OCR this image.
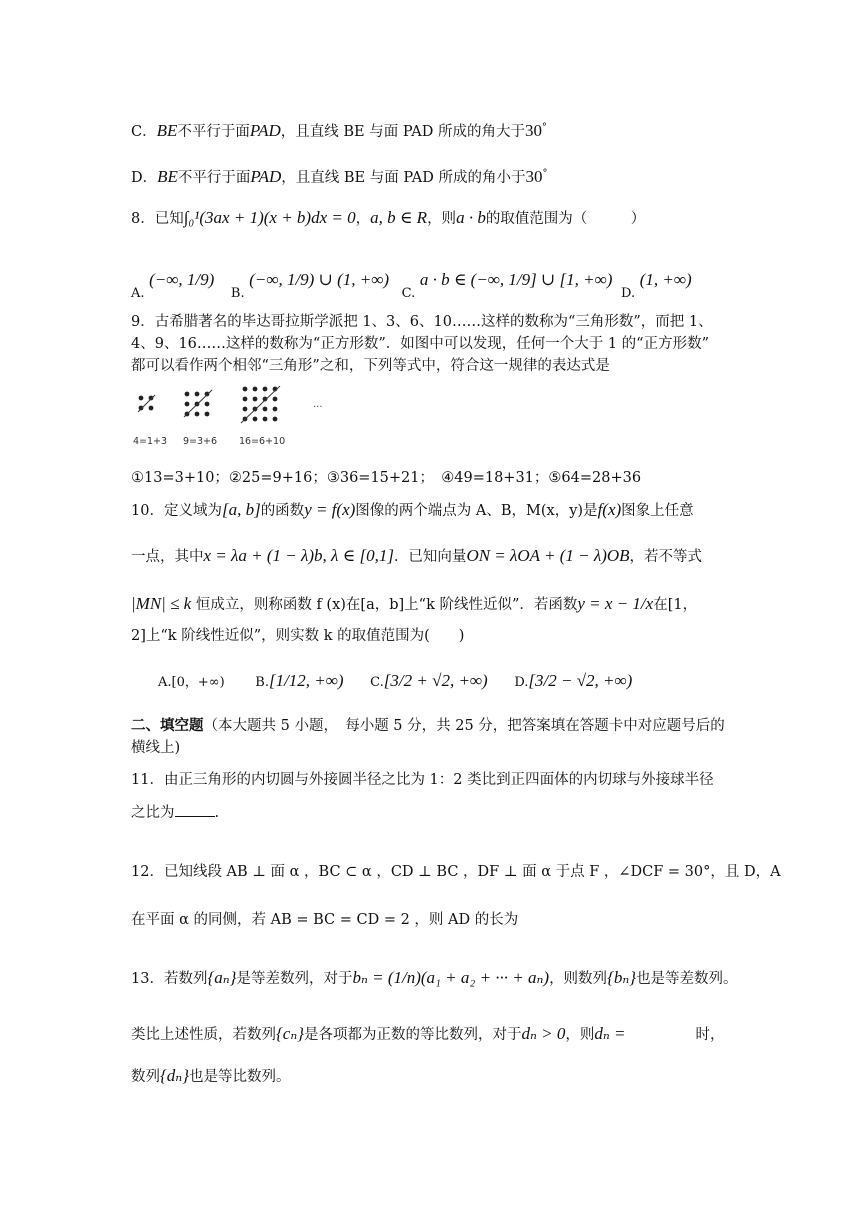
C．BE不平行于面PAD，且直线 BE 与面 PAD 所成的角大于30°
D．BE不平行于面PAD，且直线 BE 与面 PAD 所成的角小于30°
8．已知∫₀¹(3ax + 1)(x + b)dx = 0，a, b ∈ R，则a · b的取值范围为（　　　）
A. (−∞, 1/9) B. (−∞, 1/9) ∪ (1, +∞) C. a · b ∈ (−∞, 1/9] ∪ [1, +∞) D. (1, +∞)
9．古希腊著名的毕达哥拉斯学派把 1、3、6、10……这样的数称为“三角形数”，而把 1、
4、9、16……这样的数称为“正方形数”．如图中可以发现，任何一个大于 1 的“正方形数”
都可以看作两个相邻“三角形”之和，下列等式中，符合这一规律的表达式是
···
4=1+3 9=3+6 16=6+10
①13=3+10；②25=9+16；③36=15+21；　④49=18+31；⑤64=28+36
10．定义域为[a, b]的函数y = f(x)图像的两个端点为 A、B，M(x，y)是f(x)图象上任意
一点，其中x = λa + (1 − λ)b, λ ∈ [0,1]．已知向量ON = λOA + (1 − λ)OB，若不等式
|MN| ≤ k 恒成立，则称函数 f (x)在[a，b]上“k 阶线性近似”．若函数y = x − 1/x在[1，
2]上“k 阶线性近似”，则实数 k 的取值范围为(　　)
A.[0，+∞) B.[1/12, +∞) C.[3/2 + √2, +∞) D.[3/2 − √2, +∞)
二、填空题（本大题共 5 小题，　每小题 5 分，共 25 分，把答案填在答题卡中对应题号后的
横线上)
11．由正三角形的内切圆与外接圆半径之比为 1：2 类比到正四面体的内切球与外接球半径
之比为	.
12．已知线段 AB ⊥ 面 α ，BC ⊂ α ，CD ⊥ BC ，DF ⊥ 面 α 于点 F ，∠DCF = 30°，且 D，A
在平面 α 的同侧，若 AB = BC = CD = 2 ，则 AD 的长为
13．若数列{aₙ}是等差数列，对于bₙ = (1/n)(a₁ + a₂ + ··· + aₙ)，则数列{bₙ}也是等差数列。
类比上述性质，若数列{cₙ}是各项都为正数的等比数列，对于dₙ > 0，则dₙ =	时，
数列{dₙ}也是等比数列。
